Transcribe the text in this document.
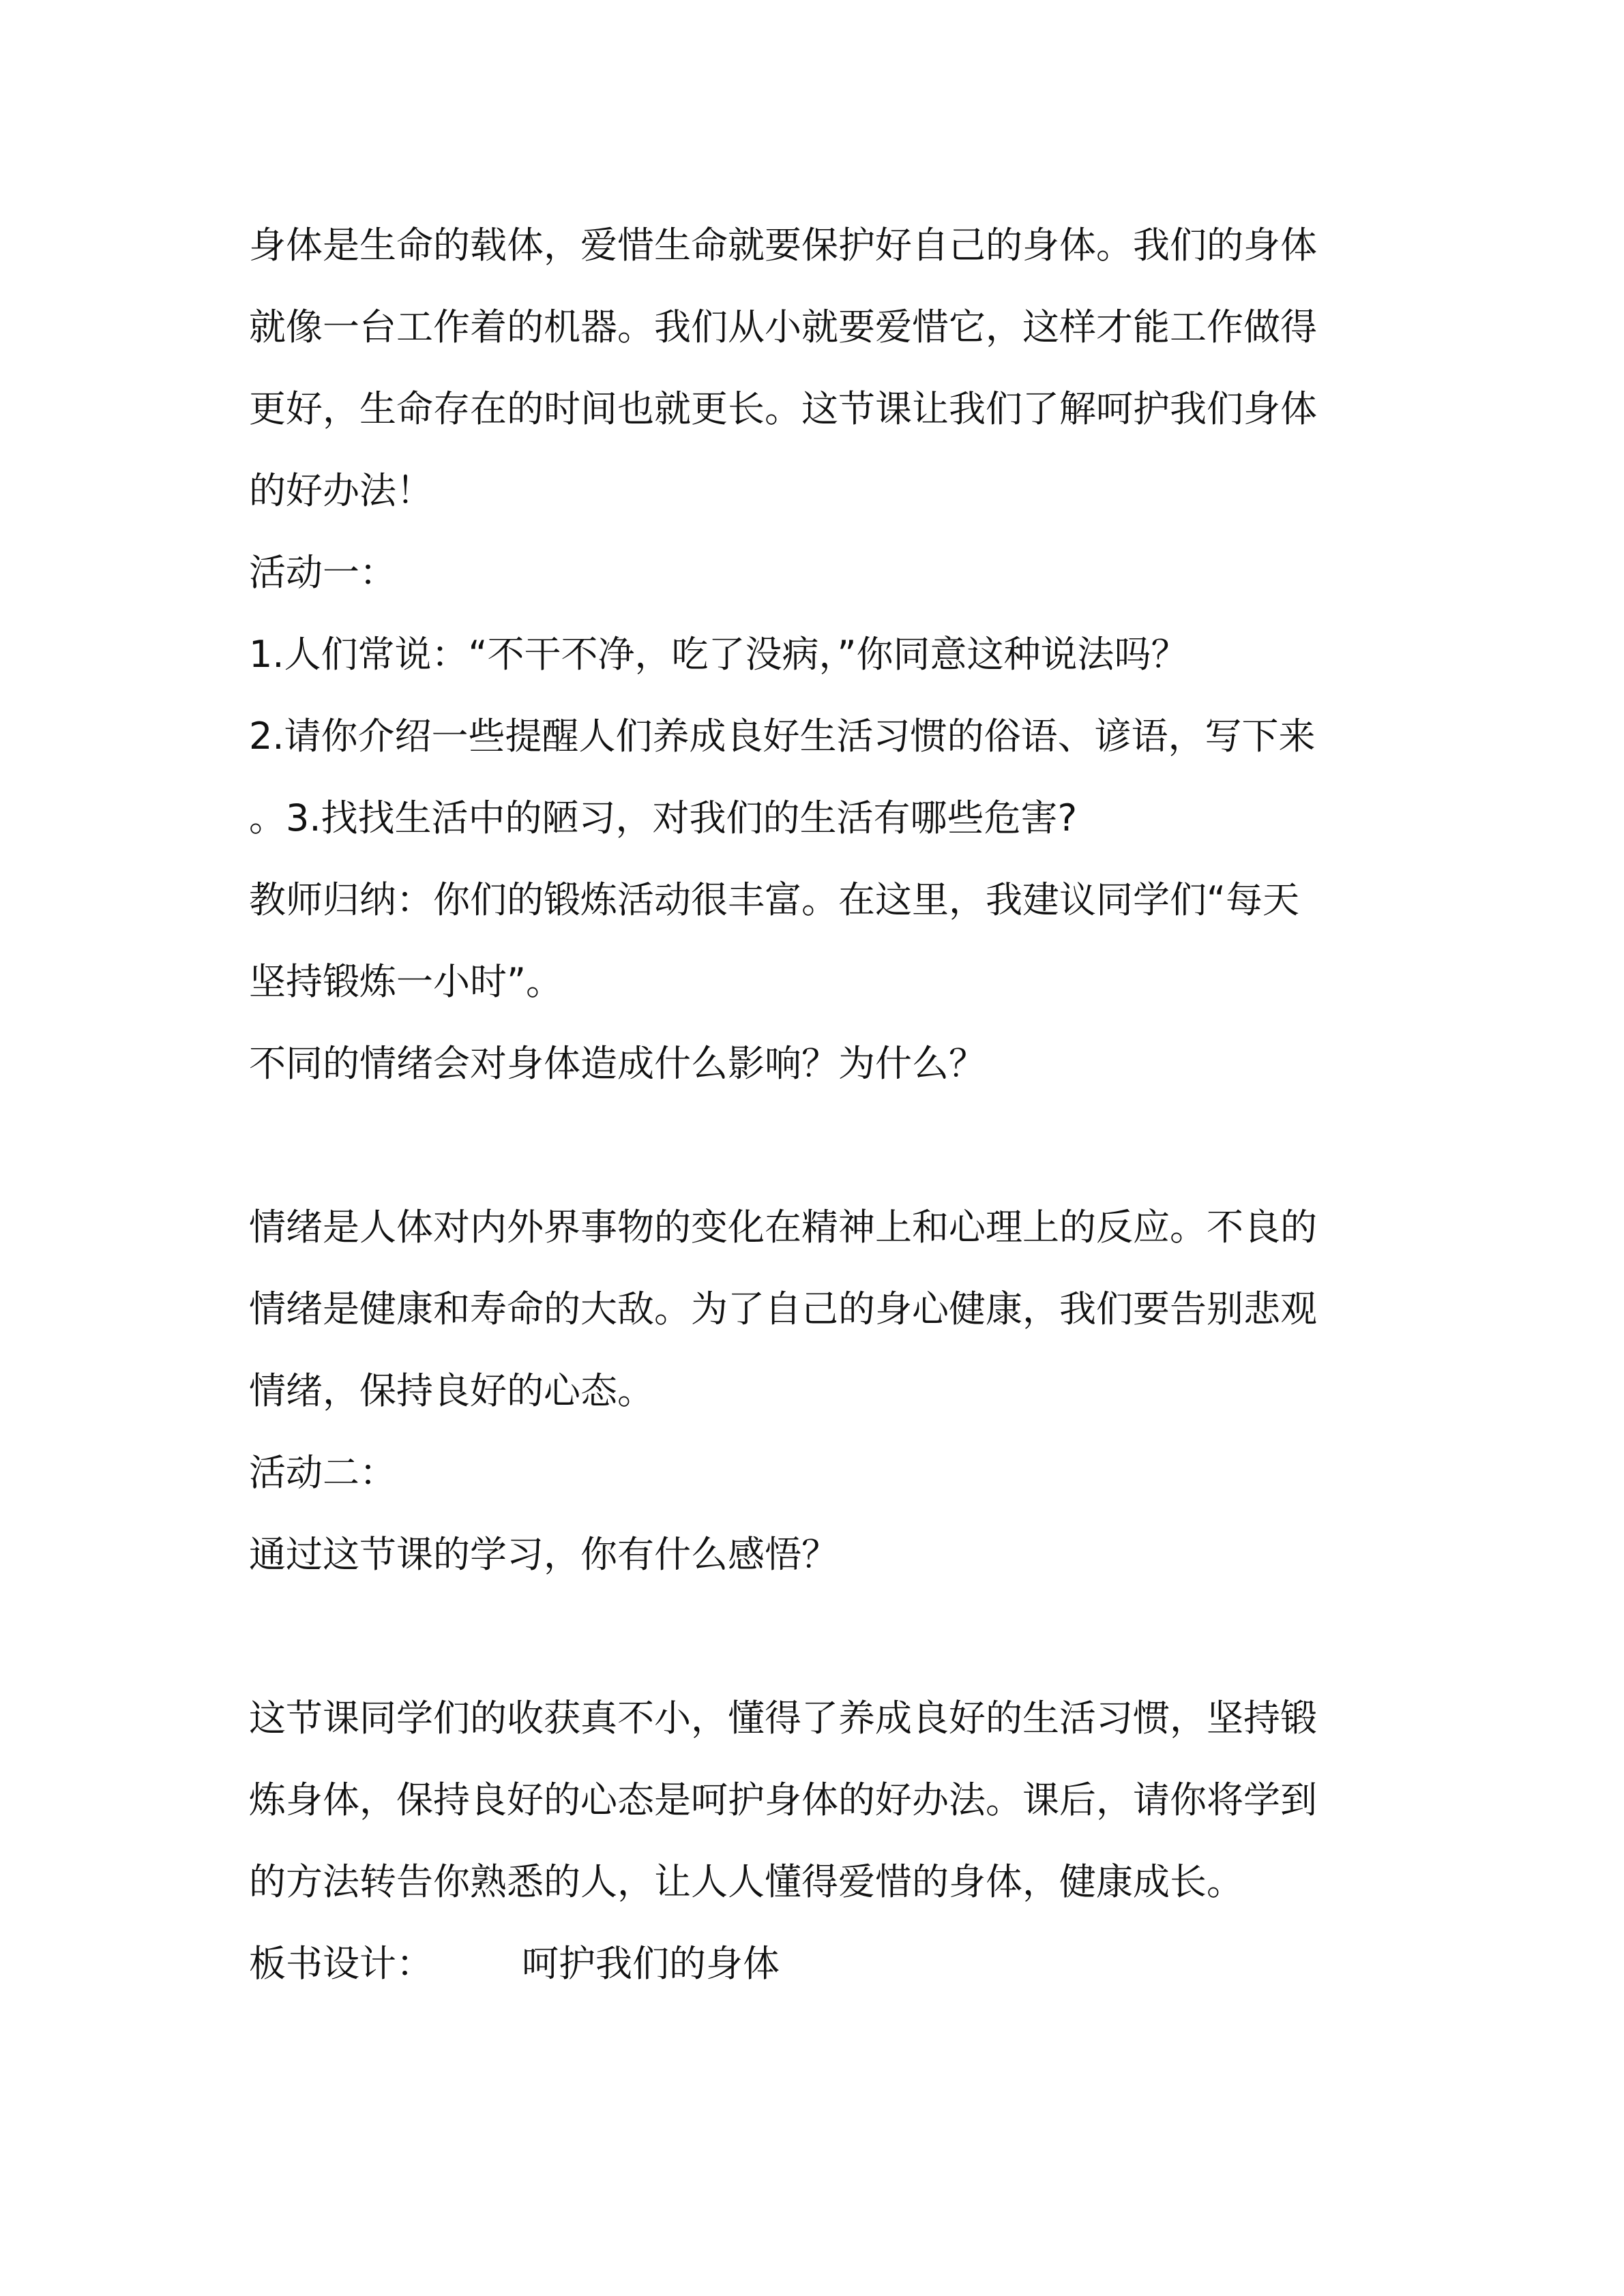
身体是生命的载体，爱惜生命就要保护好自己的身体。我们的身体
就像一台工作着的机器。我们从小就要爱惜它，这样才能工作做得
更好，生命存在的时间也就更长。这节课让我们了解呵护我们身体
的好办法！
活动一：
1.人们常说：“不干不净，吃了没病，”你同意这种说法吗？
2.请你介绍一些提醒人们养成良好生活习惯的俗语、谚语，写下来
。3.找找生活中的陋习，对我们的生活有哪些危害?
教师归纳：你们的锻炼活动很丰富。在这里，我建议同学们“每天
坚持锻炼一小时”。
不同的情绪会对身体造成什么影响？为什么？
情绪是人体对内外界事物的变化在精神上和心理上的反应。不良的
情绪是健康和寿命的大敌。为了自己的身心健康，我们要告别悲观
情绪，保持良好的心态。
活动二：
通过这节课的学习，你有什么感悟？
这节课同学们的收获真不小，懂得了养成良好的生活习惯，坚持锻
炼身体，保持良好的心态是呵护身体的好办法。课后，请你将学到
的方法转告你熟悉的人，让人人懂得爱惜的身体，健康成长。
板书设计：	呵护我们的身体
